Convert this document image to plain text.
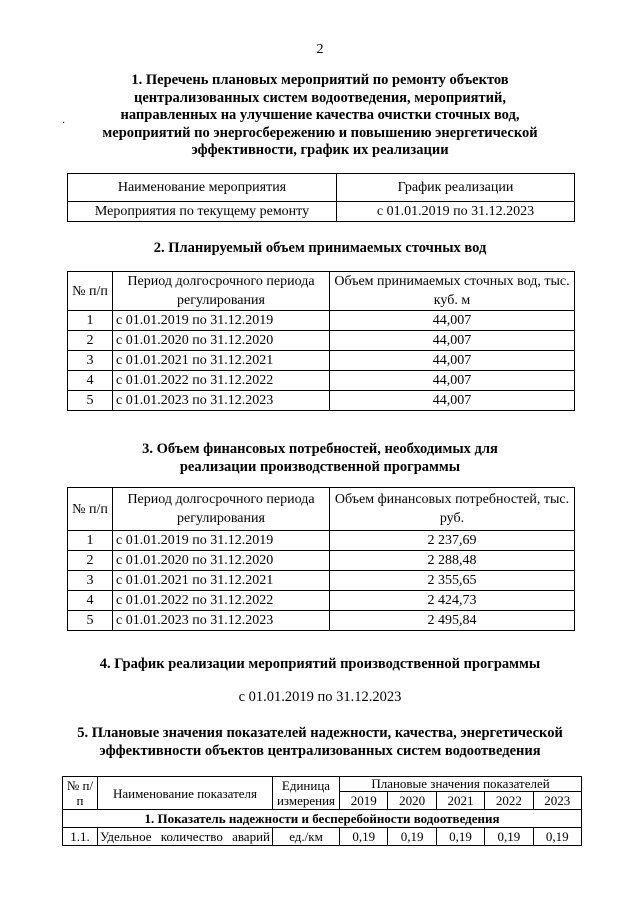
2
·
1. Перечень плановых мероприятий по ремонту объектов
централизованных систем водоотведения, мероприятий,
направленных на улучшение качества очистки сточных вод,
мероприятий по энергосбережению и повышению энергетической
эффективности, график их реализации
Наименование мероприятия	График реализации
Мероприятия по текущему ремонту	с 01.01.2019 по 31.12.2023
2. Планируемый объем принимаемых сточных вод
№ п/п	Период долгосрочного периода регулирования	Объем принимаемых сточных вод, тыс. куб. м
1	с 01.01.2019 по 31.12.2019	44,007
2	с 01.01.2020 по 31.12.2020	44,007
3	с 01.01.2021 по 31.12.2021	44,007
4	с 01.01.2022 по 31.12.2022	44,007
5	с 01.01.2023 по 31.12.2023	44,007
3. Объем финансовых потребностей, необходимых для
реализации производственной программы
№ п/п	Период долгосрочного периода регулирования	Объем финансовых потребностей, тыс. руб.
1	с 01.01.2019 по 31.12.2019	2 237,69
2	с 01.01.2020 по 31.12.2020	2 288,48
3	с 01.01.2021 по 31.12.2021	2 355,65
4	с 01.01.2022 по 31.12.2022	2 424,73
5	с 01.01.2023 по 31.12.2023	2 495,84
4. График реализации мероприятий производственной программы
с 01.01.2019 по 31.12.2023
5. Плановые значения показателей надежности, качества, энергетической
эффективности объектов централизованных систем водоотведения
№ п/п	Наименование показателя	Единица измерения	Плановые значения показателей				
			2019	2020	2021	2022	2023
1. Показатель надежности и бесперебойности водоотведения							
1.1.	Удельное количество аварий	ед./км	0,19	0,19	0,19	0,19	0,19
